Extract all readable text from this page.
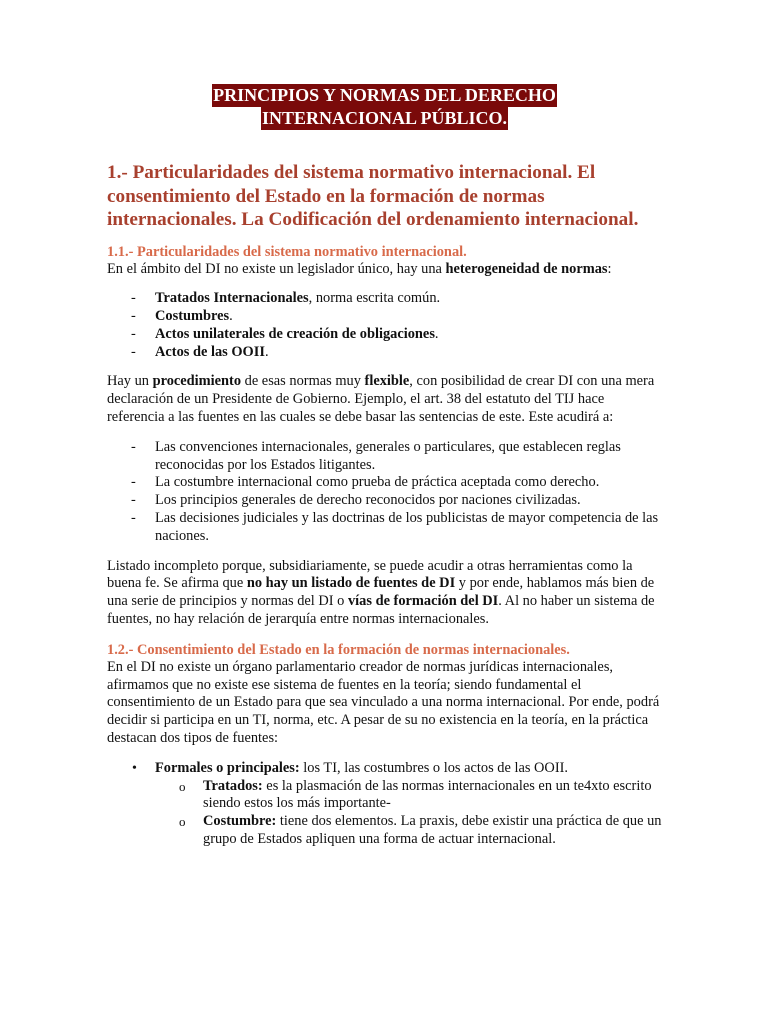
PRINCIPIOS Y NORMAS DEL DERECHO
INTERNACIONAL PÚBLICO.
1.- Particularidades del sistema normativo internacional. El consentimiento del Estado en la formación de normas internacionales. La Codificación del ordenamiento internacional.
1.1.- Particularidades del sistema normativo internacional.

En el ámbito del DI no existe un legislador único, hay una heterogeneidad de normas:

- Tratados Internacionales, norma escrita común.
- Costumbres.
- Actos unilaterales de creación de obligaciones.
- Actos de las OOII.

Hay un procedimiento de esas normas muy flexible, con posibilidad de crear DI con una mera declaración de un Presidente de Gobierno. Ejemplo, el art. 38 del estatuto del TIJ hace referencia a las fuentes en las cuales se debe basar las sentencias de este. Este acudirá a:

- Las convenciones internacionales, generales o particulares, que establecen reglas reconocidas por los Estados litigantes.
- La costumbre internacional como prueba de práctica aceptada como derecho.
- Los principios generales de derecho reconocidos por naciones civilizadas.
- Las decisiones judiciales y las doctrinas de los publicistas de mayor competencia de las naciones.

Listado incompleto porque, subsidiariamente, se puede acudir a otras herramientas como la buena fe. Se afirma que no hay un listado de fuentes de DI y por ende, hablamos más bien de una serie de principios y normas del DI o vías de formación del DI. Al no haber un sistema de fuentes, no hay relación de jerarquía entre normas internacionales.

1.2.- Consentimiento del Estado en la formación de normas internacionales.

En el DI no existe un órgano parlamentario creador de normas jurídicas internacionales, afirmamos que no existe ese sistema de fuentes en la teoría; siendo fundamental el consentimiento de un Estado para que sea vinculado a una norma internacional. Por ende, podrá decidir si participa en un TI, norma, etc. A pesar de su no existencia en la teoría, en la práctica destacan dos tipos de fuentes:

• Formales o principales: los TI, las costumbres o los actos de las OOII.
o Tratados: es la plasmación de las normas internacionales en un te4xto escrito siendo estos los más importante-
o Costumbre: tiene dos elementos. La praxis, debe existir una práctica de que un grupo de Estados apliquen una forma de actuar internacional.
